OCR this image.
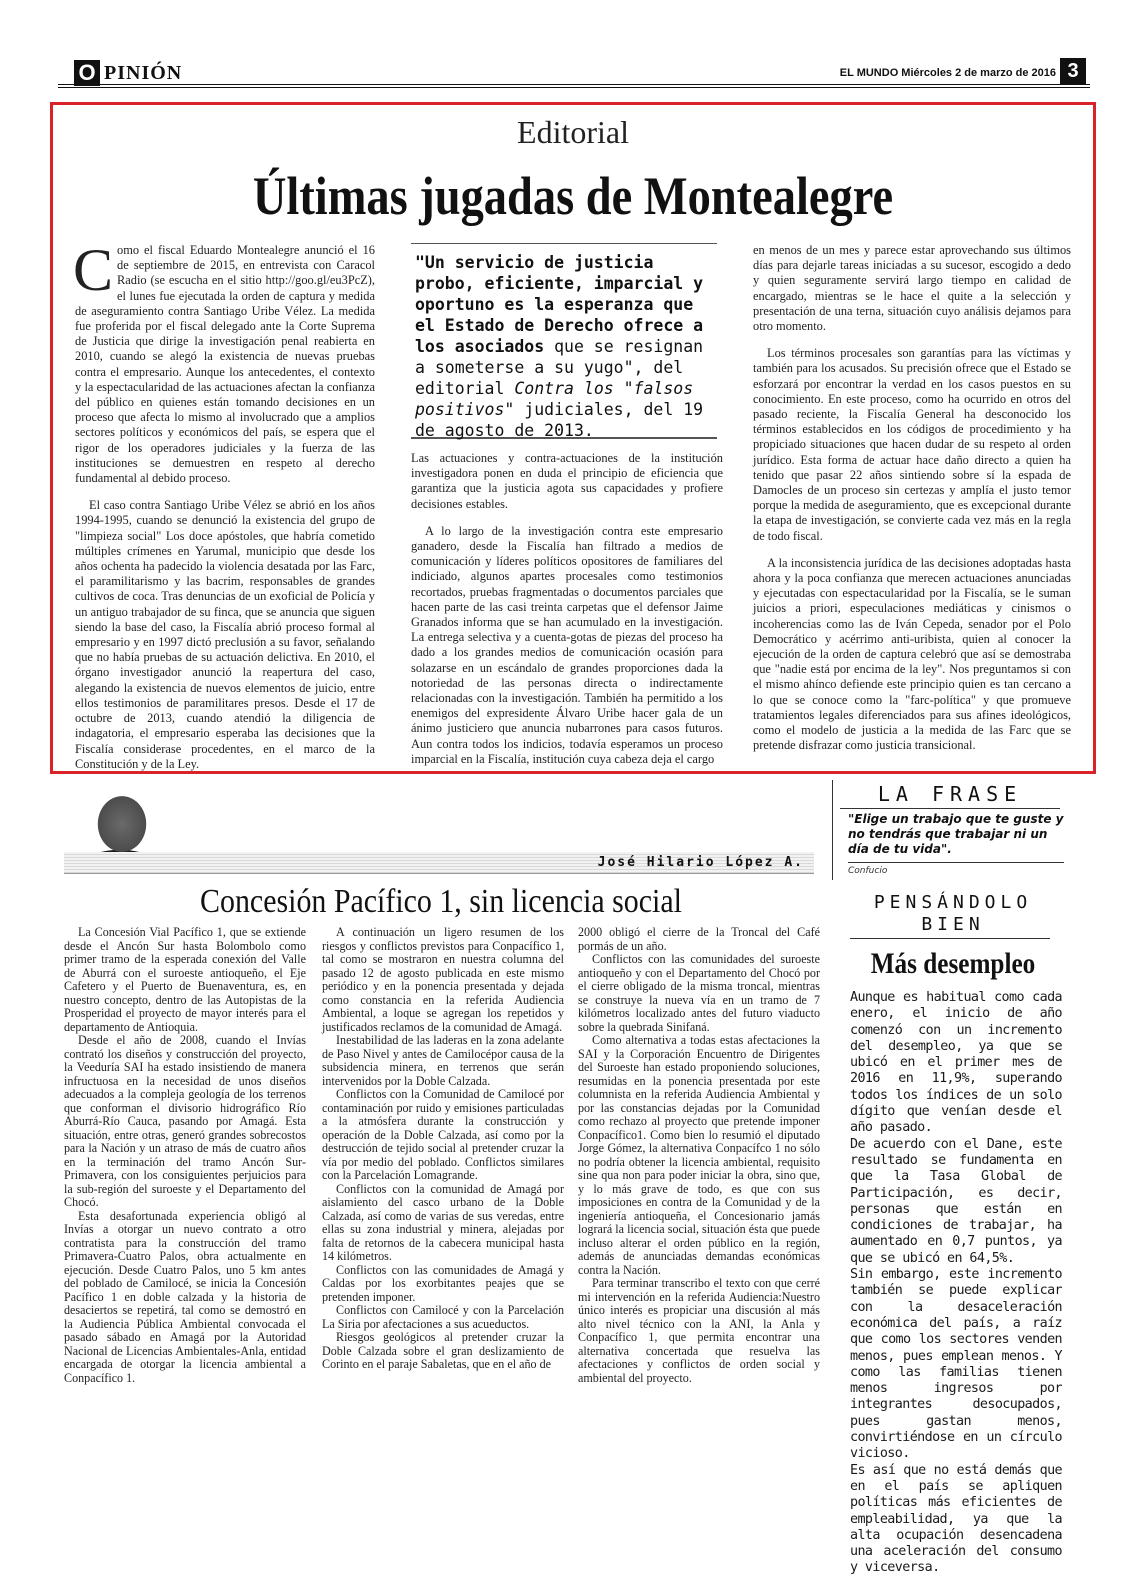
O PINIÓN	EL MUNDO Miércoles 2 de marzo de 2016 3
Editorial
Últimas jugadas de Montealegre

Como el fiscal Eduardo Montealegre anunció el 16 de septiembre de 2015, en entrevista con Caracol Radio (se escucha en el sitio http://goo.gl/eu3PcZ), el lunes fue ejecutada la orden de captura y medida de aseguramiento contra Santiago Uribe Vélez. La medida fue proferida por el fiscal delegado ante la Corte Suprema de Justicia que dirige la investigación penal reabierta en 2010, cuando se alegó la existencia de nuevas pruebas contra el empresario. Aunque los antecedentes, el contexto y la espectacularidad de las actuaciones afectan la confianza del público en quienes están tomando decisiones en un proceso que afecta lo mismo al involucrado que a amplios sectores políticos y económicos del país, se espera que el rigor de los operadores judiciales y la fuerza de las instituciones se demuestren en respeto al derecho fundamental al debido proceso.

El caso contra Santiago Uribe Vélez se abrió en los años 1994-1995, cuando se denunció la existencia del grupo de "limpieza social" Los doce apóstoles, que habría cometido múltiples crímenes en Yarumal, municipio que desde los años ochenta ha padecido la violencia desatada por las Farc, el paramilitarismo y las bacrim, responsables de grandes cultivos de coca. Tras denuncias de un exoficial de Policía y un antiguo trabajador de su finca, que se anuncia que siguen siendo la base del caso, la Fiscalía abrió proceso formal al empresario y en 1997 dictó preclusión a su favor, señalando que no había pruebas de su actuación delictiva. En 2010, el órgano investigador anunció la reapertura del caso, alegando la existencia de nuevos elementos de juicio, entre ellos testimonios de paramilitares presos. Desde el 17 de octubre de 2013, cuando atendió la diligencia de indagatoria, el empresario esperaba las decisiones que la Fiscalía considerase procedentes, en el marco de la Constitución y de la Ley.

"Un servicio de justicia probo, eficiente, imparcial y oportuno es la esperanza que el Estado de Derecho ofrece a los asociados que se resignan a someterse a su yugo", del editorial Contra los "falsos positivos" judiciales, del 19 de agosto de 2013.

Las actuaciones y contra-actuaciones de la institución investigadora ponen en duda el principio de eficiencia que garantiza que la justicia agota sus capacidades y profiere decisiones estables.

A lo largo de la investigación contra este empresario ganadero, desde la Fiscalía han filtrado a medios de comunicación y líderes políticos opositores de familiares del indiciado, algunos apartes procesales como testimonios recortados, pruebas fragmentadas o documentos parciales que hacen parte de las casi treinta carpetas que el defensor Jaime Granados informa que se han acumulado en la investigación. La entrega selectiva y a cuenta-gotas de piezas del proceso ha dado a los grandes medios de comunicación ocasión para solazarse en un escándalo de grandes proporciones dada la notoriedad de las personas directa o indirectamente relacionadas con la investigación. También ha permitido a los enemigos del expresidente Álvaro Uribe hacer gala de un ánimo justiciero que anuncia nubarrones para casos futuros. Aun contra todos los indicios, todavía esperamos un proceso imparcial en la Fiscalía, institución cuya cabeza deja el cargo

en menos de un mes y parece estar aprovechando sus últimos días para dejarle tareas iniciadas a su sucesor, escogido a dedo y quien seguramente servirá largo tiempo en calidad de encargado, mientras se le hace el quite a la selección y presentación de una terna, situación cuyo análisis dejamos para otro momento.

Los términos procesales son garantías para las víctimas y también para los acusados. Su precisión ofrece que el Estado se esforzará por encontrar la verdad en los casos puestos en su conocimiento. En este proceso, como ha ocurrido en otros del pasado reciente, la Fiscalía General ha desconocido los términos establecidos en los códigos de procedimiento y ha propiciado situaciones que hacen dudar de su respeto al orden jurídico. Esta forma de actuar hace daño directo a quien ha tenido que pasar 22 años sintiendo sobre sí la espada de Damocles de un proceso sin certezas y amplía el justo temor porque la medida de aseguramiento, que es excepcional durante la etapa de investigación, se convierte cada vez más en la regla de todo fiscal.

A la inconsistencia jurídica de las decisiones adoptadas hasta ahora y la poca confianza que merecen actuaciones anunciadas y ejecutadas con espectacularidad por la Fiscalía, se le suman juicios a priori, especulaciones mediáticas y cinismos o incoherencias como las de Iván Cepeda, senador por el Polo Democrático y acérrimo anti-uribista, quien al conocer la ejecución de la orden de captura celebró que así se demostraba que "nadie está por encima de la ley". Nos preguntamos si con el mismo ahínco defiende este principio quien es tan cercano a lo que se conoce como la "farc-política" y que promueve tratamientos legales diferenciados para sus afines ideológicos, como el modelo de justicia a la medida de las Farc que se pretende disfrazar como justicia transicional.

José Hilario López A.
Concesión Pacífico 1, sin licencia social

La Concesión Vial Pacífico 1, que se extiende desde el Ancón Sur hasta Bolombolo como primer tramo de la esperada conexión del Valle de Aburrá con el suroeste antioqueño, el Eje Cafetero y el Puerto de Buenaventura, es, en nuestro concepto, dentro de las Autopistas de la Prosperidad el proyecto de mayor interés para el departamento de Antioquia.

Desde el año de 2008, cuando el Invías contrató los diseños y construcción del proyecto, la Veeduría SAI ha estado insistiendo de manera infructuosa en la necesidad de unos diseños adecuados a la compleja geología de los terrenos que conforman el divisorio hidrográfico Río Aburrá-Río Cauca, pasando por Amagá. Esta situación, entre otras, generó grandes sobrecostos para la Nación y un atraso de más de cuatro años en la terminación del tramo Ancón Sur-Primavera, con los consiguientes perjuicios para la sub-región del suroeste y el Departamento del Chocó.

Esta desafortunada experiencia obligó al Invías a otorgar un nuevo contrato a otro contratista para la construcción del tramo Primavera-Cuatro Palos, obra actualmente en ejecución. Desde Cuatro Palos, uno 5 km antes del poblado de Camilocé, se inicia la Concesión Pacífico 1 en doble calzada y la historia de desaciertos se repetirá, tal como se demostró en la Audiencia Pública Ambiental convocada el pasado sábado en Amagá por la Autoridad Nacional de Licencias Ambientales-Anla, entidad encargada de otorgar la licencia ambiental a Conpacífico 1.

A continuación un ligero resumen de los riesgos y conflictos previstos para Conpacífico 1, tal como se mostraron en nuestra columna del pasado 12 de agosto publicada en este mismo periódico y en la ponencia presentada y dejada como constancia en la referida Audiencia Ambiental, a loque se agregan los repetidos y justificados reclamos de la comunidad de Amagá.

Inestabilidad de las laderas en la zona adelante de Paso Nivel y antes de Camilocépor causa de la subsidencia minera, en terrenos que serán intervenidos por la Doble Calzada.

Conflictos con la Comunidad de Camilocé por contaminación por ruido y emisiones particuladas a la atmósfera durante la construcción y operación de la Doble Calzada, así como por la destrucción de tejido social al pretender cruzar la vía por medio del poblado. Conflictos similares con la Parcelación Lomagrande.

Conflictos con la comunidad de Amagá por aislamiento del casco urbano de la Doble Calzada, así como de varias de sus veredas, entre ellas su zona industrial y minera, alejadas por falta de retornos de la cabecera municipal hasta 14 kilómetros.

Conflictos con las comunidades de Amagá y Caldas por los exorbitantes peajes que se pretenden imponer.

Conflictos con Camilocé y con la Parcelación La Siria por afectaciones a sus acueductos.

Riesgos geológicos al pretender cruzar la Doble Calzada sobre el gran deslizamiento de Corinto en el paraje Sabaletas, que en el año de

2000 obligó el cierre de la Troncal del Café pormás de un año.

Conflictos con las comunidades del suroeste antioqueño y con el Departamento del Chocó por el cierre obligado de la misma troncal, mientras se construye la nueva vía en un tramo de 7 kilómetros localizado antes del futuro viaducto sobre la quebrada Sinifaná.

Como alternativa a todas estas afectaciones la SAI y la Corporación Encuentro de Dirigentes del Suroeste han estado proponiendo soluciones, resumidas en la ponencia presentada por este columnista en la referida Audiencia Ambiental y por las constancias dejadas por la Comunidad como rechazo al proyecto que pretende imponer Conpacífico1. Como bien lo resumió el diputado Jorge Gómez, la alternativa Conpacífco 1 no sólo no podría obtener la licencia ambiental, requisito sine qua non para poder iniciar la obra, sino que, y lo más grave de todo, es que con sus imposiciones en contra de la Comunidad y de la ingeniería antioqueña, el Concesionario jamás logrará la licencia social, situación ésta que puede incluso alterar el orden público en la región, además de anunciadas demandas económicas contra la Nación.

Para terminar transcribo el texto con que cerré mi intervención en la referida Audiencia:Nuestro único interés es propiciar una discusión al más alto nivel técnico con la ANI, la Anla y Conpacífico 1, que permita encontrar una alternativa concertada que resuelva las afectaciones y conflictos de orden social y ambiental del proyecto.

LA FRASE
"Elige un trabajo que te guste y no tendrás que trabajar ni un día de tu vida".
Confucio
PENSÁNDOLO
BIEN
Más desempleo

Aunque es habitual como cada enero, el inicio de año comenzó con un incremento del desempleo, ya que se ubicó en el primer mes de 2016 en 11,9%, superando todos los índices de un solo dígito que venían desde el año pasado.

De acuerdo con el Dane, este resultado se fundamenta en que la Tasa Global de Participación, es decir, personas que están en condiciones de trabajar, ha aumentado en 0,7 puntos, ya que se ubicó en 64,5%.

Sin embargo, este incremento también se puede explicar con la desaceleración económica del país, a raíz que como los sectores venden menos, pues emplean menos. Y como las familias tienen menos ingresos por integrantes desocupados, pues gastan menos, convirtiéndose en un círculo vicioso.

Es así que no está demás que en el país se apliquen políticas más eficientes de empleabilidad, ya que la alta ocupación desencadena una aceleración del consumo y viceversa.
